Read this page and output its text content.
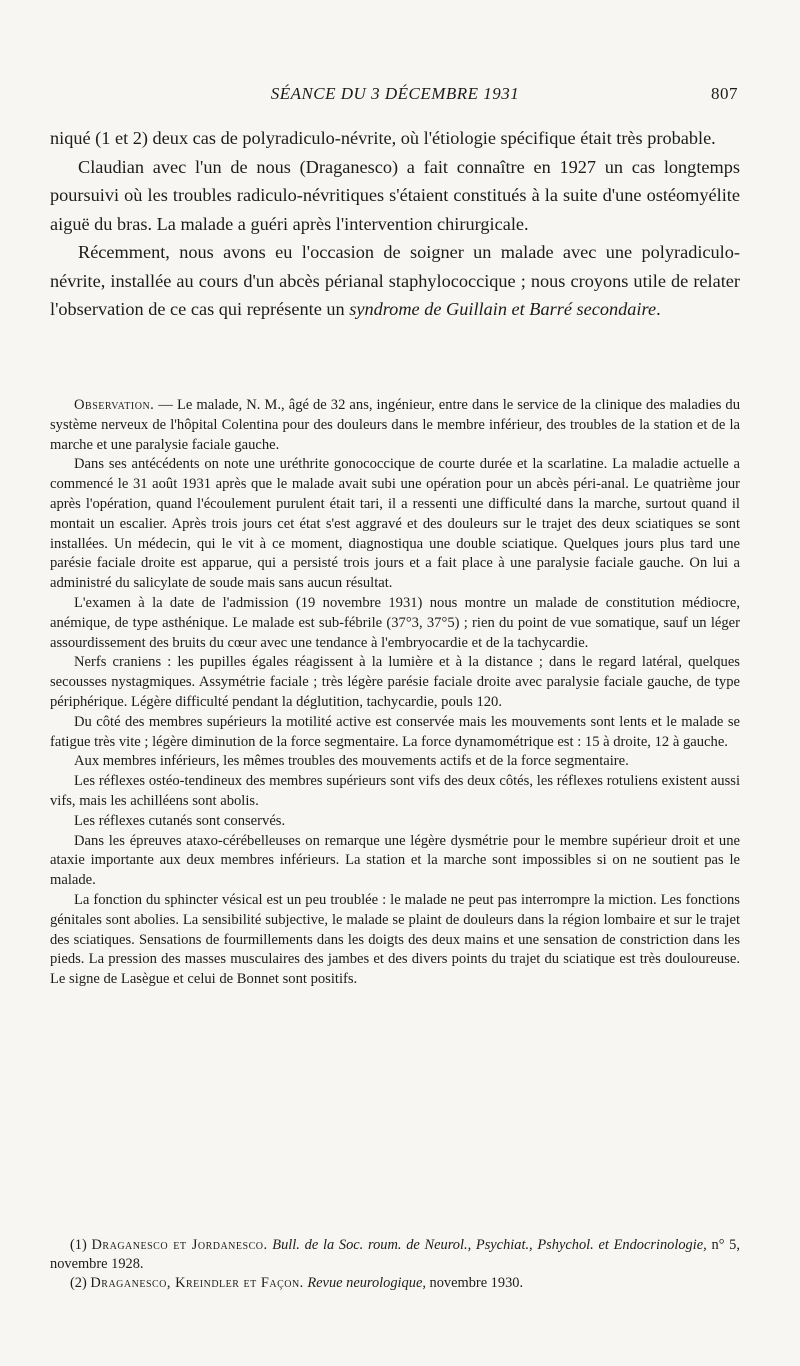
SÉANCE DU 3 DÉCEMBRE 1931	807

niqué (1 et 2) deux cas de polyradiculo-névrite, où l'étiologie spécifique était très probable.

Claudian avec l'un de nous (Draganesco) a fait connaître en 1927 un cas longtemps poursuivi où les troubles radiculo-névritiques s'étaient constitués à la suite d'une ostéomyélite aiguë du bras. La malade a guéri après l'intervention chirurgicale.

Récemment, nous avons eu l'occasion de soigner un malade avec une polyradiculo-névrite, installée au cours d'un abcès périanal staphylococcique ; nous croyons utile de relater l'observation de ce cas qui représente un syndrome de Guillain et Barré secondaire.

Observation. — Le malade, N. M., âgé de 32 ans, ingénieur, entre dans le service de la clinique des maladies du système nerveux de l'hôpital Colentina pour des douleurs dans le membre inférieur, des troubles de la station et de la marche et une paralysie faciale gauche.

Dans ses antécédents on note une uréthrite gonococcique de courte durée et la scarlatine. La maladie actuelle a commencé le 31 août 1931 après que le malade avait subi une opération pour un abcès péri-anal. Le quatrième jour après l'opération, quand l'écoulement purulent était tari, il a ressenti une difficulté dans la marche, surtout quand il montait un escalier. Après trois jours cet état s'est aggravé et des douleurs sur le trajet des deux sciatiques se sont installées. Un médecin, qui le vit à ce moment, diagnostiqua une double sciatique. Quelques jours plus tard une parésie faciale droite est apparue, qui a persisté trois jours et a fait place à une paralysie faciale gauche. On lui a administré du salicylate de soude mais sans aucun résultat.

L'examen à la date de l'admission (19 novembre 1931) nous montre un malade de constitution médiocre, anémique, de type asthénique. Le malade est sub-fébrile (37°3, 37°5) ; rien du point de vue somatique, sauf un léger assourdissement des bruits du cœur avec une tendance à l'embryocardie et de la tachycardie.

Nerfs craniens : les pupilles égales réagissent à la lumière et à la distance ; dans le regard latéral, quelques secousses nystagmiques. Assymétrie faciale ; très légère parésie faciale droite avec paralysie faciale gauche, de type périphérique. Légère difficulté pendant la déglutition, tachycardie, pouls 120.

Du côté des membres supérieurs la motilité active est conservée mais les mouvements sont lents et le malade se fatigue très vite ; légère diminution de la force segmentaire. La force dynamométrique est : 15 à droite, 12 à gauche.

Aux membres inférieurs, les mêmes troubles des mouvements actifs et de la force segmentaire.

Les réflexes ostéo-tendineux des membres supérieurs sont vifs des deux côtés, les réflexes rotuliens existent aussi vifs, mais les achilléens sont abolis.

Les réflexes cutanés sont conservés.

Dans les épreuves ataxo-cérébelleuses on remarque une légère dysmétrie pour le membre supérieur droit et une ataxie importante aux deux membres inférieurs. La station et la marche sont impossibles si on ne soutient pas le malade.

La fonction du sphincter vésical est un peu troublée : le malade ne peut pas interrompre la miction. Les fonctions génitales sont abolies. La sensibilité subjective, le malade se plaint de douleurs dans la région lombaire et sur le trajet des sciatiques. Sensations de fourmillements dans les doigts des deux mains et une sensation de constriction dans les pieds. La pression des masses musculaires des jambes et des divers points du trajet du sciatique est très douloureuse. Le signe de Lasègue et celui de Bonnet sont positifs.

(1) Draganesco et Jordanesco. Bull. de la Soc. roum. de Neurol., Psychiat., Pshychol. et Endocrinologie, n° 5, novembre 1928.

(2) Draganesco, Kreindler et Façon. Revue neurologique, novembre 1930.
